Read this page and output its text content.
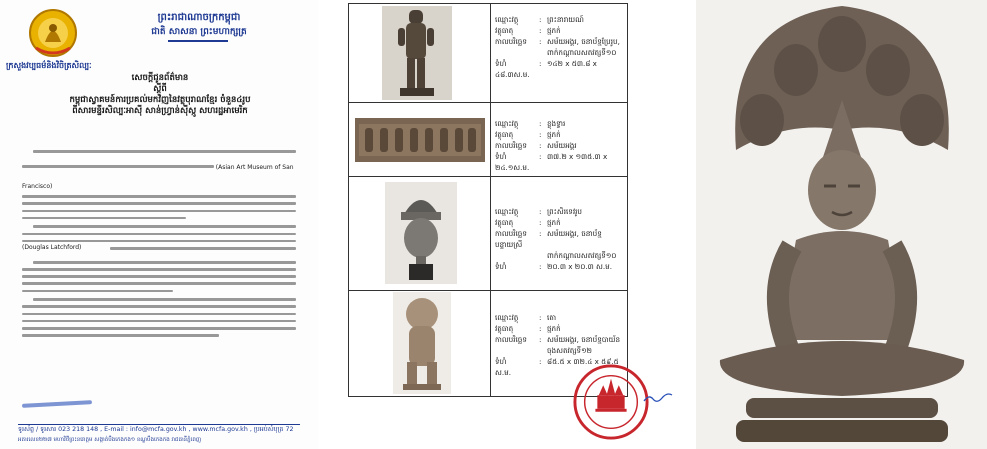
ក្រសួងវប្បធម៌និងវិចិត្រសិល្បៈ
ព្រះរាជាណាចក្រកម្ពុជា
ជាតិ សាសនា ព្រះមហាក្សត្រ
សេចក្តីជូនព័ត៌មាន
ស្តីពី
កម្ពុជាស្វាគមន៍ការប្រគល់មកវិញនៃវត្ថុបុរាណខ្មែរ ចំនួន៤រូប
ពីសារមន្ទីរសិល្បៈអាស៊ី សាន់ហ្វ្រាន់ស៊ីស្កូ សហរដ្ឋអាមេរិក
(Asian Art Museum of San Francisco)
(Douglas Latchford)
ទូរស័ព្ទ / ទូរសារ 023 218 148 , E-mail : info@mcfa.gov.kh , www.mcfa.gov.kh , ប្រអប់សំបុត្រ 72
អគារលេខ២២៧ មហាវិថីព្រះនរោត្តម សង្កាត់បឹងកេងកង១ ខណ្ឌបឹងកេងកង រាជធានីភ្នំពេញ
ឈ្មោះវត្ថុ	: ព្រះនារាយណ៍
វត្ថុធាតុ	: ថ្មភក់
កាលបរិច្ឆេទ : សម័យអង្គរ, ចនាប័ទ្មប្រែរូប,
ពាក់កណ្ដាលសតវត្សទី១០
ទំហំ	: ១៤២ x ៥៣.៨ x ៤៨.៣ស.ម.
ឈ្មោះវត្ថុ	: ខ្លុងទ្វារ
វត្ថុធាតុ	: ថ្មភក់
កាលបរិច្ឆេទ : សម័យអង្គរ
ទំហំ	: ៣៧.២ x ១៣៥.៣ x ២៤.១ស.ម.
ឈ្មោះវត្ថុ	: ព្រះសិរទេវរូប
វត្ថុធាតុ	: ថ្មភក់
កាលបរិច្ឆេទ : សម័យអង្គរ, ចនាប័ទ្មបន្ទាយស្រី
ពាក់កណ្ដាលសតវត្សទី១០
ទំហំ	: ២០.៣ x ២០.៣ ស.ម.
ឈ្មោះវត្ថុ	: តោ
វត្ថុធាតុ	: ថ្មភក់
កាលបរិច្ឆេទ : សម័យអង្គរ, ចនាប័ទ្មបាយ័ន
ចុងសតវត្សទី១២
ទំហំ	: ៨៥.៥ x ៣២.៤ x ៥៩.៥ ស.ម.
